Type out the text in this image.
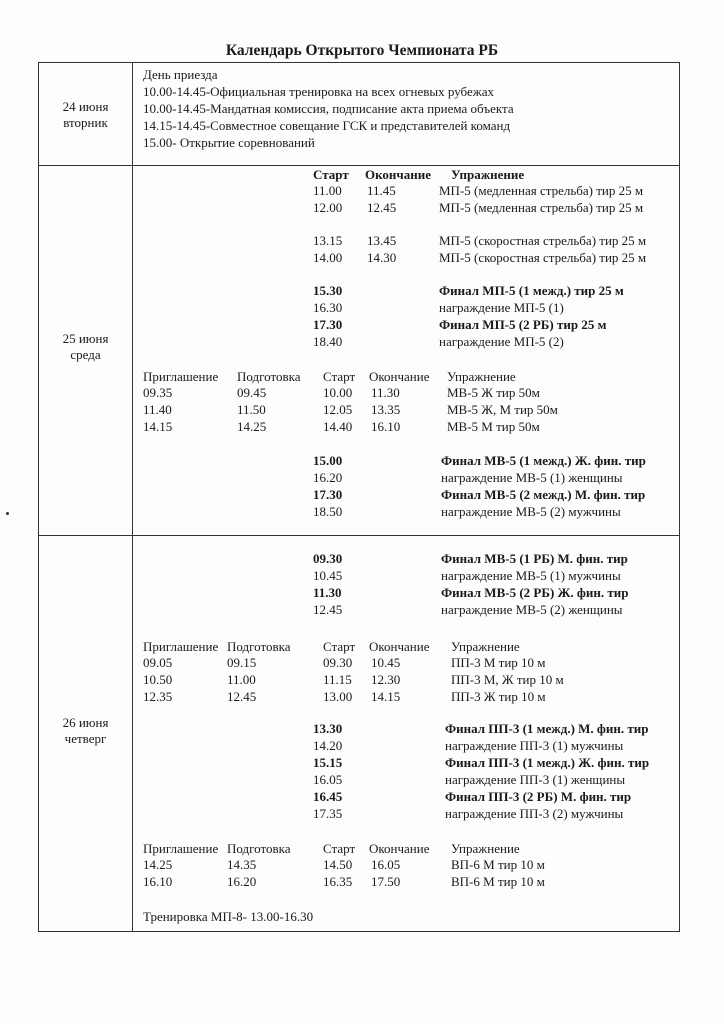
Календарь Открытого Чемпионата РБ
24 июня
вторник
День приезда
10.00-14.45-Официальная тренировка на всех огневых рубежах
10.00-14.45-Мандатная комиссия, подписание акта приема объекта
14.15-14.45-Совместное совещание ГСК и представителей команд
15.00- Открытие соревнований
25 июня
среда
Старт Окончание Упражнение
11.00 11.45	МП-5 (медленная стрельба) тир 25 м
12.00 12.45	МП-5 (медленная стрельба) тир 25 м
13.15 13.45	МП-5 (скоростная стрельба) тир 25 м
14.00 14.30	МП-5 (скоростная стрельба) тир 25 м
15.30	Финал МП-5 (1 межд.) тир 25 м
16.30	награждение МП-5 (1)
17.30	Финал МП-5 (2 РБ) тир 25 м
18.40	награждение МП-5 (2)
Приглашение Подготовка Старт Окончание Упражнение
09.35	09.45	10.00 11.30	МВ-5 Ж тир 50м
11.40	11.50	12.05 13.35	МВ-5 Ж, М тир 50м
14.15	14.25	14.40 16.10	МВ-5 М тир 50м
15.00	Финал МВ-5 (1 межд.) Ж. фин. тир
16.20	награждение МВ-5 (1) женщины
17.30	Финал МВ-5 (2 межд.) М. фин. тир
18.50	награждение МВ-5 (2) мужчины
26 июня
четверг
09.30	Финал МВ-5 (1 РБ) М. фин. тир
10.45	награждение МВ-5 (1) мужчины
11.30	Финал МВ-5 (2 РБ) Ж. фин. тир
12.45	награждение МВ-5 (2) женщины
Приглашение Подготовка Старт Окончание Упражнение
09.05	09.15	09.30 10.45	ПП-3 М тир 10 м
10.50	11.00	11.15 12.30	ПП-3 М, Ж тир 10 м
12.35	12.45	13.00 14.15	ПП-3 Ж тир 10 м
13.30	Финал ПП-3 (1 межд.) М. фин. тир
14.20	награждение ПП-3 (1) мужчины
15.15	Финал ПП-3 (1 межд.) Ж. фин. тир
16.05	награждение ПП-3 (1) женщины
16.45	Финал ПП-3 (2 РБ) М. фин. тир
17.35	награждение ПП-3 (2) мужчины
Приглашение Подготовка Старт Окончание Упражнение
14.25	14.35	14.50 16.05	ВП-6 М тир 10 м
16.10	16.20	16.35 17.50	ВП-6 М тир 10 м
Тренировка МП-8- 13.00-16.30
